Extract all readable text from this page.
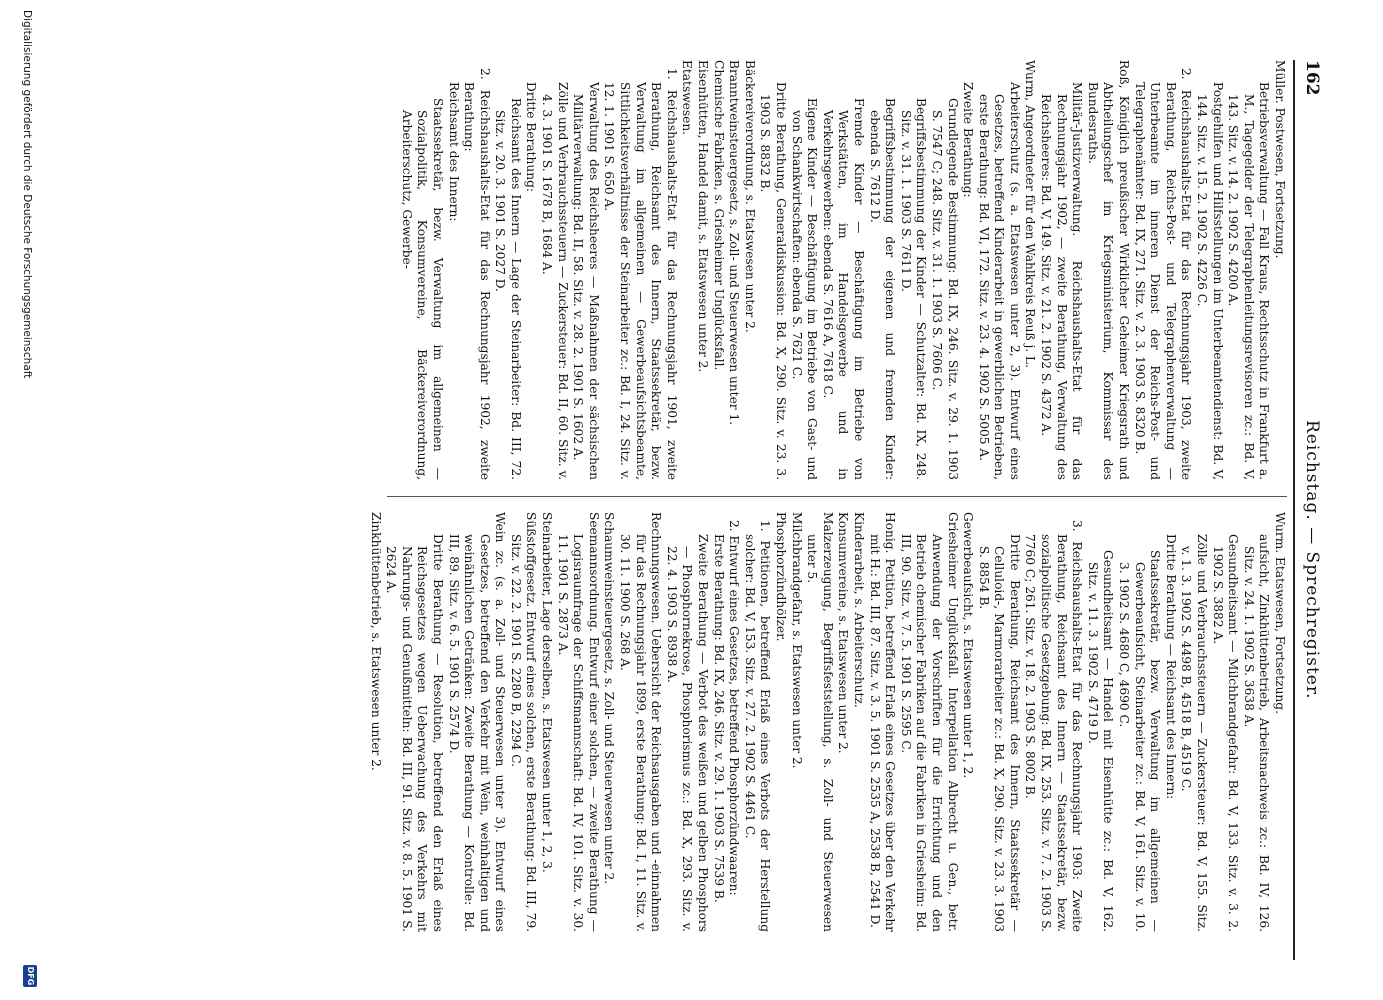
162
Reichstag. — Sprechregister.

Müller. Postwesen, Fortsetzung.

Betriebsverwaltung — Fall Kraus, Rechtsschutz in Frankfurt a. M., Tagegelder der Telegraphenleitungsrevisoren zc.: Bd. V, 143. Sitz. v. 14. 2. 1902 S. 4200 A.

Postgehilfen und Hilfsstellungen im Unterbeamtendienst: Bd. V, 144. Sitz. v. 15. 2. 1902 S. 4226 C.

2. Reichshaushalts-Etat für das Rechnungsjahr 1903, zweite Berathung, Reichs-Post- und Telegraphenverwaltung — Unterbeamte im inneren Dienst der Reichs-Post- und Telegraphenämter: Bd. IX, 271. Sitz. v. 2. 3. 1903 S. 8320 B.

Roß, Königlich preußischer Wirklicher Geheimer Kriegsrath und Abtheilungschef im Kriegsministerium, Kommissar des Bundesraths.

Militär-Justizverwaltung. Reichshaushalts-Etat für das Rechnungsjahr 1902, — zweite Berathung, Verwaltung des Reichsheeres: Bd. V, 149. Sitz. v. 21. 2. 1902 S. 4372 A.

Wurm, Angeordneter für den Wahlkreis Reuß j. L.

Arbeiterschutz (s. a. Etatswesen unter 2, 3). Entwurf eines Gesetzes, betreffend Kinderarbeit in gewerblichen Betrieben, erste Berathung: Bd. VI, 172. Sitz. v. 23. 4. 1902 S. 5005 A.

Zweite Berathung:

Grundlegende Bestimmung: Bd. IX, 246. Sitz. v. 29. 1. 1903 S. 7547 C; 248. Sitz. v. 31. 1. 1903 S. 7606 C.

Begriffsbestimmung der Kinder — Schutzalter: Bd. IX, 248. Sitz. v. 31. 1. 1903 S. 7611 D.

Begriffsbestimmung der eigenen und fremden Kinder: ebenda S. 7612 D.

Fremde Kinder — Beschäftigung im Betriebe von Werkstätten, im Handelsgewerbe und in Verkehrsgewerben: ebenda S. 7616 A, 7618 C.

Eigene Kinder — Beschäftigung im Betriebe von Gast- und von Schankwirtschaften: ebenda S. 7621 C.

Dritte Berathung, Generaldiskussion: Bd. X, 290. Sitz. v. 23. 3. 1903 S. 8832 B.

Bäckereiverordnung, s. Etatswesen unter 2.

Branntweinsteuergesetz, s. Zoll- und Steuerwesen unter 1.

Chemische Fabriken, s. Griesheimer Unglücksfall.

Eisenhütten, Handel damit, s. Etatswesen unter 2.

Etatswesen.

1. Reichshaushalts-Etat für das Rechnungsjahr 1901, zweite Berathung, Reichsamt des Innern, Staatssekretär, bezw. Verwaltung im allgemeinen — Gewerbeaufsichtsbeamte, Sittlichkeitsverhältnisse der Steinarbeiter zc.: Bd. I, 24. Sitz. v. 12. 1. 1901 S. 650 A.

Verwaltung des Reichsheeres — Maßnahmen der sächsischen Militärverwaltung: Bd. II, 58. Sitz. v. 28. 2. 1901 S. 1602 A.

Zölle und Verbrauchssteuern — Zuckersteuer: Bd. II, 60. Sitz. v. 4. 3. 1901 S. 1678 B, 1684 A.

Dritte Berathung:

Reichsamt des Innern — Lage der Steinarbeiter: Bd. III, 72. Sitz. v. 20. 3. 1901 S. 2027 D.

2. Reichshaushalts-Etat für das Rechnungsjahr 1902, zweite Berathung:

Reichsamt des Innern:

Staatssekretär, bezw. Verwaltung im allgemeinen — Sozialpolitik, Konsumvereine, Bäckereiverordnung, Arbeiterschutz, Gewerbe-

Wurm. Etatswesen, Fortsetzung.

aufsicht, Zinkhüttenbetrieb, Arbeitsnachweis zc.: Bd. IV, 126. Sitz. v. 24. 1. 1902 S. 3638 A.

Gesundheitsamt — Milchbrandgefahr: Bd. V, 133. Sitz. v. 3. 2. 1902 S. 3882 A.

Zölle und Verbrauchssteuern — Zuckersteuer: Bd. V, 155. Sitz. v. 1. 3. 1902 S. 4498 B, 4518 B, 4519 C.

Dritte Berathung — Reichsamt des Innern:

Staatssekretär, bezw. Verwaltung im allgemeinen — Gewerbeaufsicht, Steinarbeiter zc.: Bd. V, 161. Sitz. v. 10. 3. 1902 S. 4680 C, 4690 C.

Gesundheitsamt — Handel mit Eisenhütte zc.: Bd. V, 162. Sitz. v. 11. 3. 1902 S. 4719 D.

3. Reichshaushalts-Etat für das Rechnungsjahr 1903: Zweite Berathung, Reichsamt des Innern — Staatssekretär, bezw. sozialpolitische Gesetzgebung: Bd. IX, 253. Sitz. v. 7. 2. 1903 S. 7760 C; 261. Sitz. v. 18. 2. 1903 S. 8002 B.

Dritte Berathung, Reichsamt des Innern, Staatssekretär — Celluloid-, Marmorarbeiter zc.: Bd. X, 290. Sitz. v. 23. 3. 1903 S. 8854 B.

Gewerbeaufsicht, s. Etatswesen unter 1, 2.

Griesheimer Unglücksfall. Interpellation Albrecht u. Gen., betr. Anwendung der Vorschriften für die Errichtung und den Betrieb chemischer Fabriken auf die Fabriken in Griesheim: Bd. III, 90. Sitz. v. 7. 5. 1901 S. 2595 C.

Honig. Petition, betreffend Erlaß eines Gesetzes über den Verkehr mit H.: Bd. III, 87. Sitz. v. 3. 5. 1901 S. 2535 A, 2538 B, 2541 D.

Kinderarbeit, s. Arbeiterschutz.

Konsumvereine, s. Etatswesen unter 2.

Malzerzeugung, Begriffsfeststellung, s. Zoll- und Steuerwesen unter 5.

Milchbrandgefahr, s. Etatswesen unter 2.

Phosphorzündhölzer.

1. Petitionen, betreffend Erlaß eines Verbots der Herstellung solcher: Bd. V, 153. Sitz. v. 27. 2. 1902 S. 4461 C.

2. Entwurf eines Gesetzes, betreffend Phosphorzündwaaren:

Erste Berathung: Bd. IX, 246. Sitz. v. 29. 1. 1903 S. 7539 B.

Zweite Berathung — Verbot des weißen und gelben Phosphors — Phosphornekrose, Phosphorismus zc.: Bd. X, 293. Sitz. v. 22. 4. 1903 S. 8938 A.

Rechnungswesen. Uebersicht der Reichsausgaben und -einnahmen für das Rechnungsjahr 1899, erste Berathung: Bd. I, 11. Sitz. v. 30. 11. 1900 S. 268 A.

Schaumweinsteuergesetz, s. Zoll- und Steuerwesen unter 2.

Seemannsordnung. Entwurf einer solchen, — zweite Berathung — Logisraumfrage der Schiffsmannschaft: Bd. IV, 101. Sitz. v. 30. 11. 1901 S. 2873 A.

Steinarbeiter, Lage derselben, s. Etatswesen unter 1, 2, 3.

Süßstoffgesetz. Entwurf eines solchen, erste Berathung: Bd. III, 79. Sitz. v. 22. 2. 1901 S. 2280 B, 2294 C.

Wein zc. (s. a. Zoll- und Steuerwesen unter 3). Entwurf eines Gesetzes, betreffend den Verkehr mit Wein, weinhaltigen und weinähnlichen Getränken: Zweite Berathung — Kontrolle: Bd. III, 89. Sitz. v. 6. 5. 1901 S. 2574 D.

Dritte Berathung — Resolution, betreffend den Erlaß eines Reichsgesetzes wegen Ueberwachung des Verkehrs mit Nahrungs- und Genußmitteln: Bd. III, 91. Sitz. v. 8. 5. 1901 S. 2624 A.

Zinkhüttenbetrieb, s. Etatswesen unter 2.

Digitalisierung gefördert durch die Deutsche Forschungsgemeinschaft
DFG
